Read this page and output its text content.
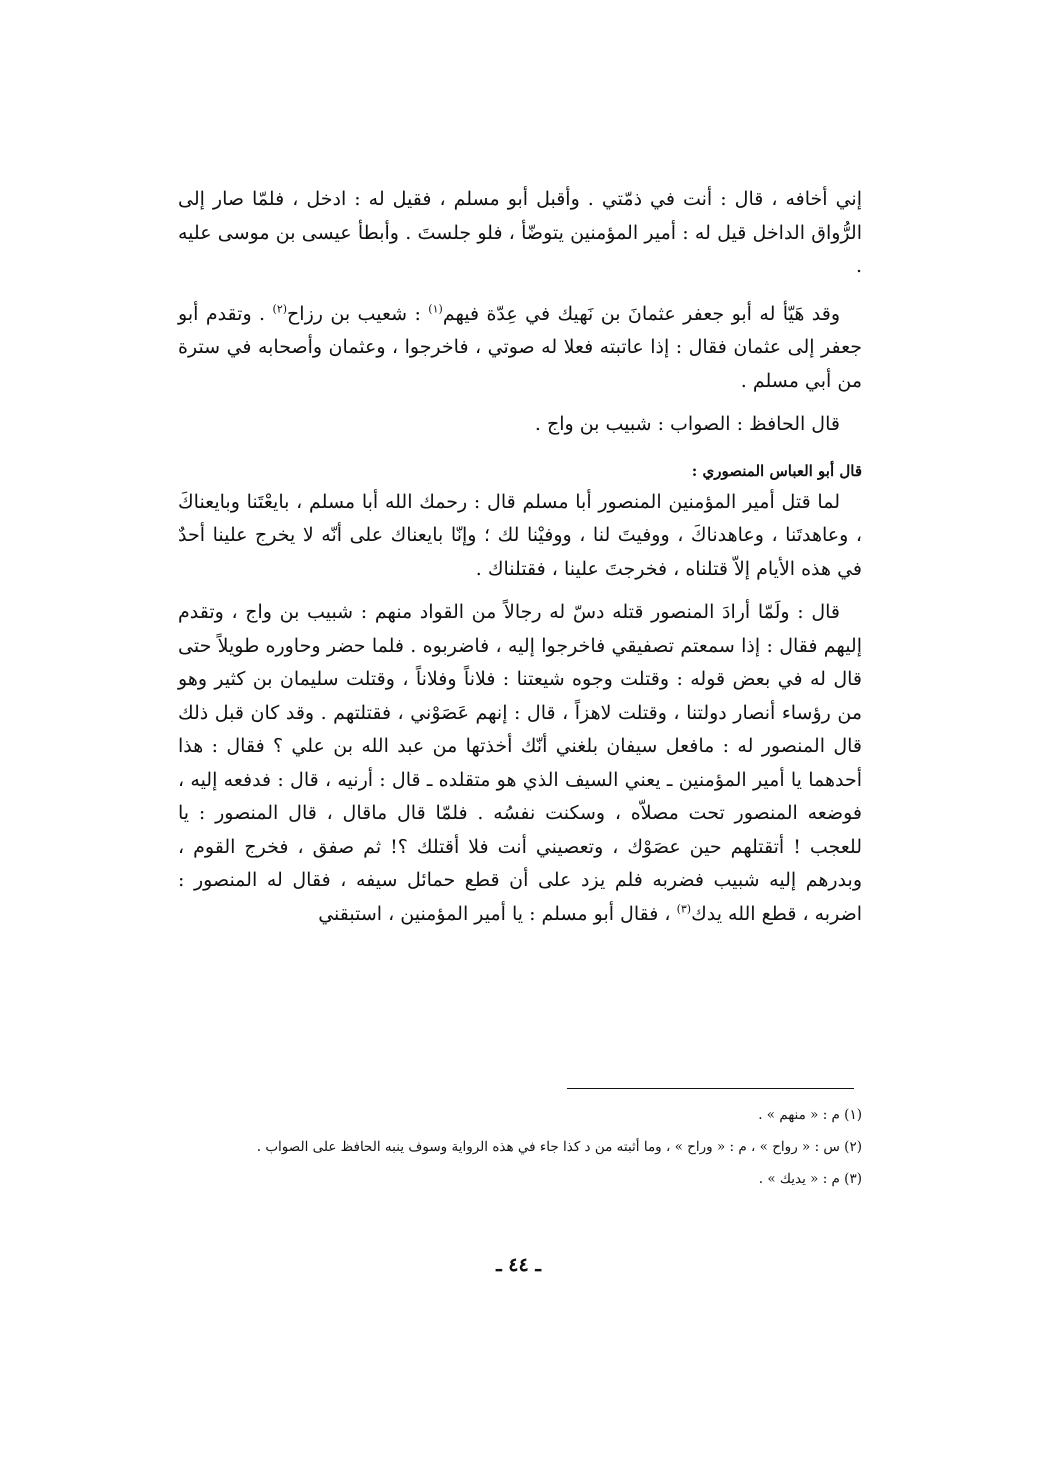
إني أخافه ، قال : أنت في ذمّتي . وأقبل أبو مسلم ، فقيل له : ادخل ، فلمّا صار إلى الرُّواق الداخل قيل له : أمير المؤمنين يتوضّأ ، فلو جلستَ . وأبطأ عيسى بن موسى عليه .

وقد هَيّأ له أبو جعفر عثمانَ بن نَهيك في عِدّة فيهم$^{(١)}$ : شعيب بن رزاح$^{(٢)}$ . وتقدم أبو جعفر إلى عثمان فقال : إذا عاتبته فعلا له صوتي ، فاخرجوا ، وعثمان وأصحابه في سترة من أبي مسلم .

قال الحافظ : الصواب : شبيب بن واج .

قال أبو العباس المنصوري :

لما قتل أمير المؤمنين المنصور أبا مسلم قال : رحمك الله أبا مسلم ، بايعْتَنا وبايعناكَ ، وعاهدتَنا ، وعاهدناكَ ، ووفيتَ لنا ، ووفيْنا لك ؛ وإنّا بايعناك على أنّه لا يخرج علينا أحدٌ في هذه الأيام إلاّ قتلناه ، فخرجتَ علينا ، فقتلناك .

قال : ولَمّا أرادَ المنصور قتله دسّ له رجالاً من القواد منهم : شبيب بن واج ، وتقدم إليهم فقال : إذا سمعتم تصفيقي فاخرجوا إليه ، فاضربوه . فلما حضر وحاوره طويلاً حتى قال له في بعض قوله : وقتلت وجوه شيعتنا : فلاناً وفلاناً ، وقتلت سليمان بن كثير وهو من رؤساء أنصار دولتنا ، وقتلت لاهزاً ، قال : إنهم عَصَوْني ، فقتلتهم . وقد كان قبل ذلك قال المنصور له : مافعل سيفان بلغني أنّك أخذتها من عبد الله بن علي ؟ فقال : هذا أحدهما يا أمير المؤمنين ـ يعني السيف الذي هو متقلده ـ قال : أرنيه ، قال : فدفعه إليه ، فوضعه المنصور تحت مصلاّه ، وسكنت نفسُه . فلمّا قال ماقال ، قال المنصور : يا للعجب ! أتقتلهم حين عصَوْك ، وتعصيني أنت فلا أقتلك ؟! ثم صفق ، فخرج القوم ، وبدرهم إليه شبيب فضربه فلم يزد على أن قطع حمائل سيفه ، فقال له المنصور : اضربه ، قطع الله يدك$^{(٣)}$ ، فقال أبو مسلم : يا أمير المؤمنين ، استبقني

(١) م : « منهم » .

(٢) س : « رواح » ، م : « وراح » ، وما أثبته من د كذا جاء في هذه الرواية وسوف ينبه الحافظ على الصواب .

(٣) م : « يديك » .

ـ ٤٤ ـ
